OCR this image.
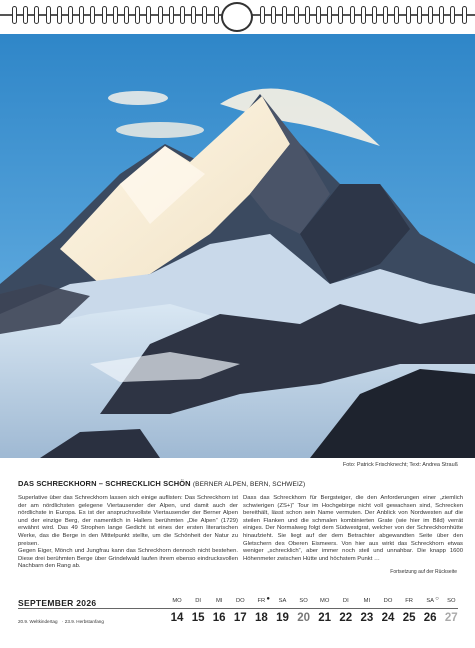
Foto: Patrick Frischknecht; Text: Andrea Strauß
DAS SCHRECKHORN – SCHRECKLICH SCHÖN (BERNER ALPEN, BERN, SCHWEIZ)

Superlative über das Schreckhorn lassen sich einige auflisten: Das Schreckhorn ist der am nördlichsten gelegene Viertausender der Alpen, und damit auch der nördlichste in Europa. Es ist der anspruchsvollste Viertausender der Berner Alpen und der einzige Berg, der namentlich in Hallers berühmten „Die Alpen“ (1729) erwähnt wird. Das 49 Strophen lange Gedicht ist eines der ersten literarischen Werke, das die Berge in den Mittelpunkt stellte, um die Schönheit der Natur zu preisen.

Gegen Eiger, Mönch und Jungfrau kann das Schreckhorn dennoch nicht bestehen. Diese drei berühmten Berge über Grindelwald laufen ihrem ebenso eindrucksvollen Nachbarn den Rang ab.

Dass das Schreckhorn für Bergsteiger, die den Anforderungen einer „ziemlich schwierigen (ZS+)“ Tour im Hochgebirge nicht voll gewachsen sind, Schrecken bereithält, lässt schon sein Name vermuten. Der Anblick von Nordwesten auf die steilen Flanken und die schmalen kombinierten Grate (wie hier im Bild) verrät einiges. Der Normalweg folgt dem Südwestgrat, welcher von der Schreckhornhütte hinaufzieht. Sie liegt auf der dem Betrachter abgewandten Seite über den Gletschern des Oberen Eismeers. Von hier aus wirkt das Schreckhorn etwas weniger „schrecklich“, aber immer noch steil und unnahbar. Die knapp 1600 Höhenmeter zwischen Hütte und höchstem Punkt …

Fortsetzung auf der Rückseite
SEPTEMBER 2026
20.9. Weltkindertag · 23.9. Herbstanfang
MO
14
DI
15
MI
16
DO
17
FR
18
●	SA
19
SO
20
MO
21
DI
22
MI
23
DO
24
FR
25
SA
26
○	SO
27
